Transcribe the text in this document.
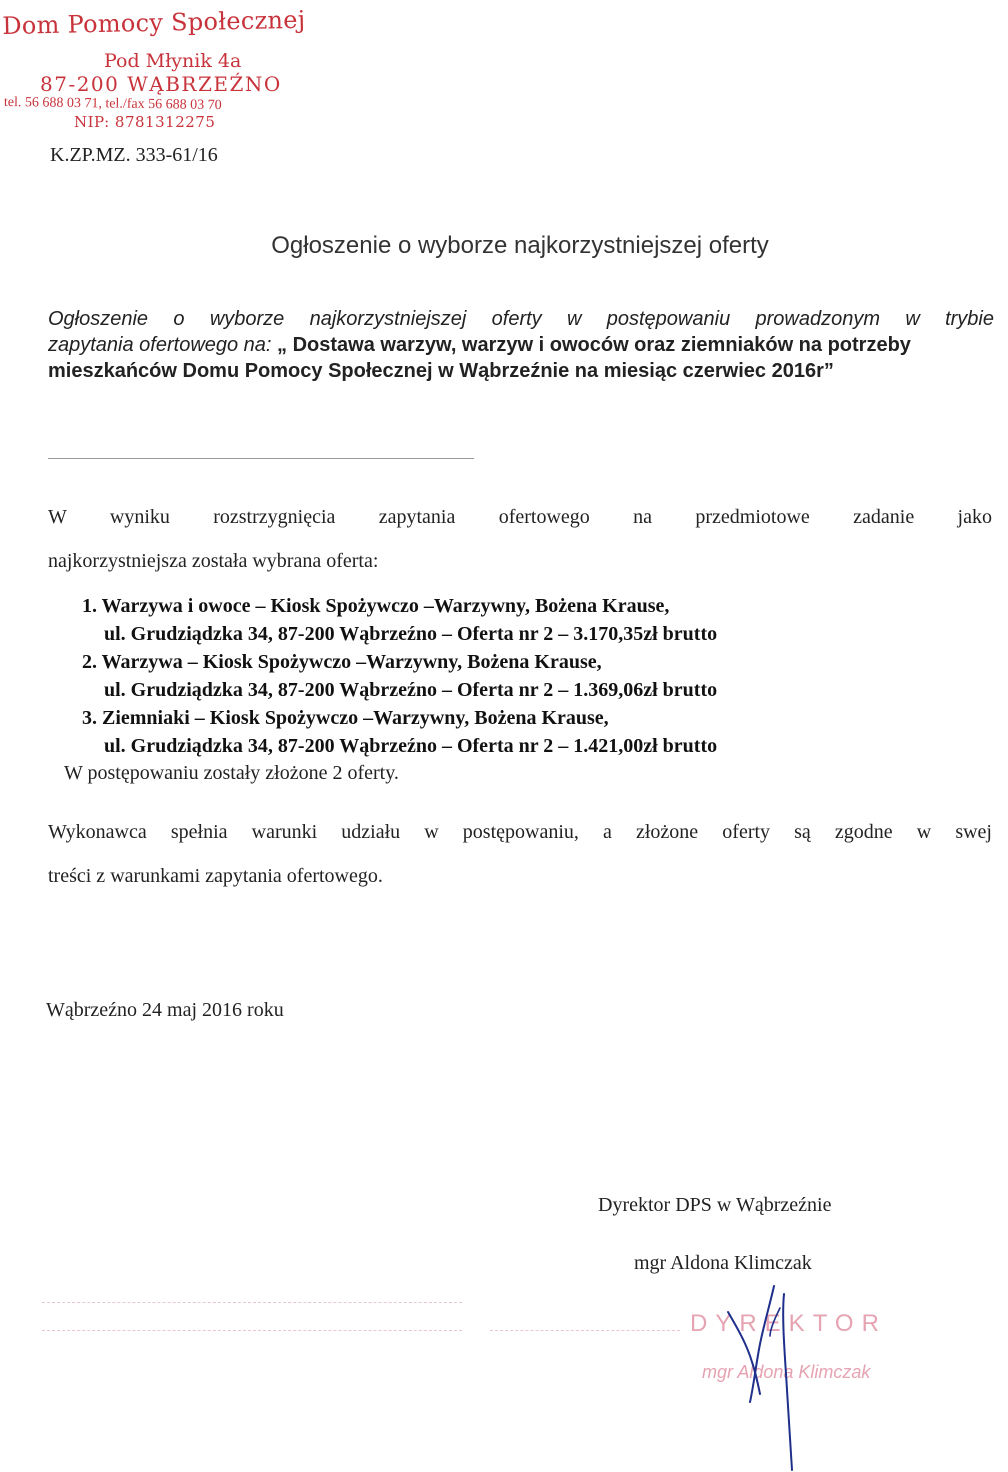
Dom Pomocy Społecznej
Pod Młynik 4a
87-200 WĄBRZEŹNO
tel. 56 688 03 71, tel./fax 56 688 03 70
NIP: 8781312275
K.ZP.MZ. 333-61/16
Ogłoszenie o wyborze najkorzystniejszej oferty
Ogłoszenie o wyborze najkorzystniejszej oferty w postępowaniu prowadzonym w trybie
zapytania ofertowego na: „ Dostawa warzyw, warzyw i owoców oraz ziemniaków na potrzeby mieszkańców Domu Pomocy Społecznej w Wąbrzeźnie na miesiąc czerwiec 2016r”
W wyniku rozstrzygnięcia zapytania ofertowego na przedmiotowe zadanie jako
najkorzystniejsza została wybrana oferta:
1. Warzywa i owoce – Kiosk Spożywczo –Warzywny, Bożena Krause,
ul. Grudziądzka 34, 87-200 Wąbrzeźno – Oferta nr 2 – 3.170,35zł brutto
2. Warzywa – Kiosk Spożywczo –Warzywny, Bożena Krause,
ul. Grudziądzka 34, 87-200 Wąbrzeźno – Oferta nr 2 – 1.369,06zł brutto
3. Ziemniaki – Kiosk Spożywczo –Warzywny, Bożena Krause,
ul. Grudziądzka 34, 87-200 Wąbrzeźno – Oferta nr 2 – 1.421,00zł brutto
W postępowaniu zostały złożone 2 oferty.
Wykonawca spełnia warunki udziału w postępowaniu, a złożone oferty są zgodne w swej
treści z warunkami zapytania ofertowego.
Wąbrzeźno 24 maj 2016 roku
Dyrektor DPS w Wąbrzeźnie
mgr Aldona Klimczak
DYREKTOR
mgr Aldona Klimczak
